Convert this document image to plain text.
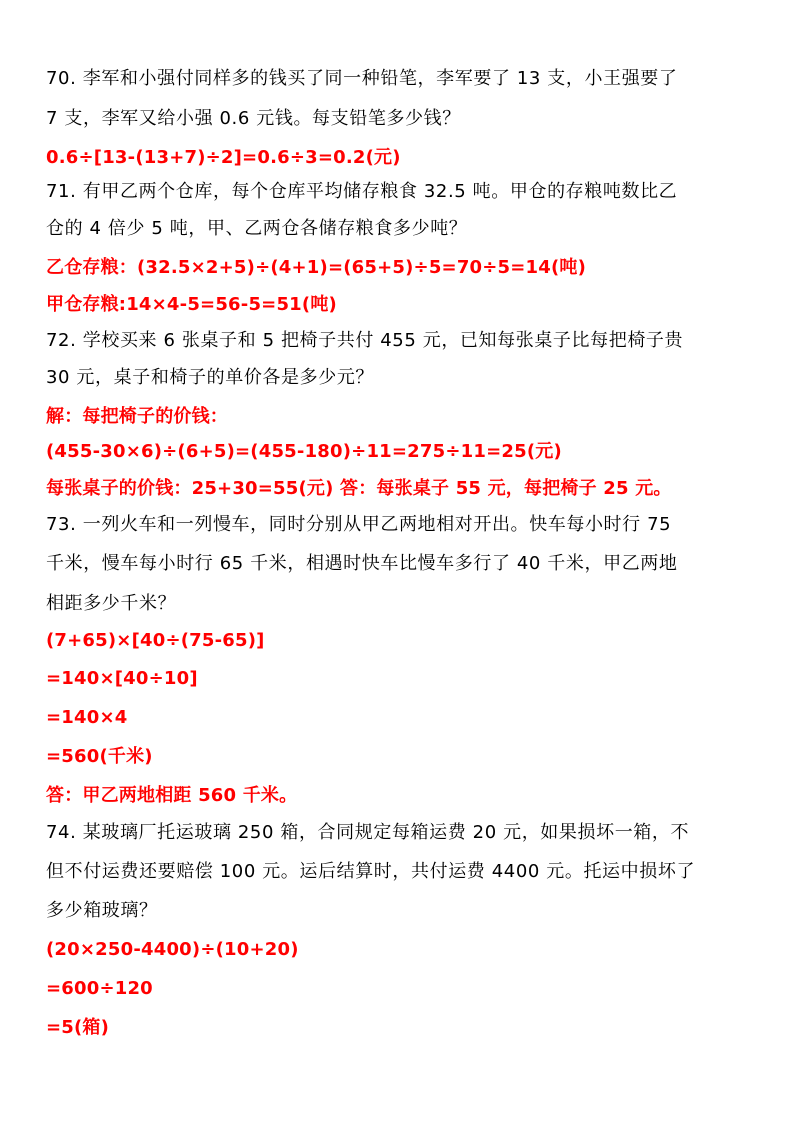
70. 李军和小强付同样多的钱买了同一种铅笔，李军要了 13 支，小王强要了
7 支，李军又给小强 0.6 元钱。每支铅笔多少钱？
0.6÷[13-(13+7)÷2]=0.6÷3=0.2(元)
71. 有甲乙两个仓库，每个仓库平均储存粮食 32.5 吨。甲仓的存粮吨数比乙
仓的 4 倍少 5 吨，甲、乙两仓各储存粮食多少吨？
乙仓存粮：(32.5×2+5)÷(4+1)=(65+5)÷5=70÷5=14(吨)
甲仓存粮:14×4-5=56-5=51(吨)
72. 学校买来 6 张桌子和 5 把椅子共付 455 元，已知每张桌子比每把椅子贵
30 元，桌子和椅子的单价各是多少元？
解：每把椅子的价钱：
(455-30×6)÷(6+5)=(455-180)÷11=275÷11=25(元)
每张桌子的价钱：25+30=55(元) 答：每张桌子 55 元，每把椅子 25 元。
73. 一列火车和一列慢车，同时分别从甲乙两地相对开出。快车每小时行 75
千米，慢车每小时行 65 千米，相遇时快车比慢车多行了 40 千米，甲乙两地
相距多少千米？
(7+65)×[40÷(75-65)]
=140×[40÷10]
=140×4
=560(千米)
答：甲乙两地相距 560 千米。
74. 某玻璃厂托运玻璃 250 箱，合同规定每箱运费 20 元，如果损坏一箱，不
但不付运费还要赔偿 100 元。运后结算时，共付运费 4400 元。托运中损坏了
多少箱玻璃？
(20×250-4400)÷(10+20)
=600÷120
=5(箱)
